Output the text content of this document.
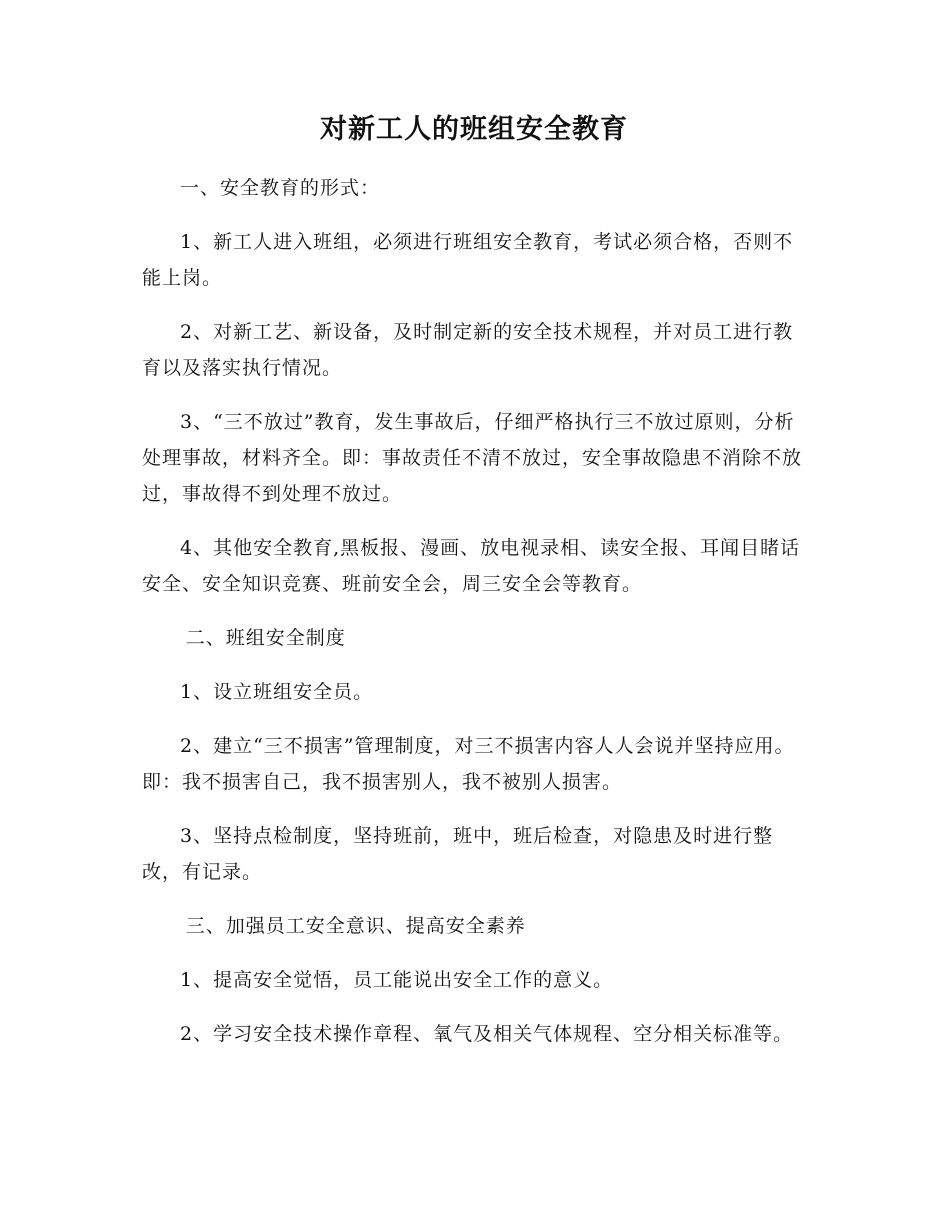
对新工人的班组安全教育

一、安全教育的形式：

1、新工人进入班组，必须进行班组安全教育，考试必须合格，否则不能上岗。

2、对新工艺、新设备，及时制定新的安全技术规程，并对员工进行教育以及落实执行情况。

3、“三不放过”教育，发生事故后，仔细严格执行三不放过原则，分析处理事故，材料齐全。即：事故责任不清不放过，安全事故隐患不消除不放过，事故得不到处理不放过。

4、其他安全教育,黑板报、漫画、放电视录相、读安全报、耳闻目睹话安全、安全知识竞赛、班前安全会，周三安全会等教育。

二、班组安全制度

1、设立班组安全员。

2、建立“三不损害”管理制度，对三不损害内容人人会说并坚持应用。即：我不损害自己，我不损害别人，我不被别人损害。

3、坚持点检制度，坚持班前，班中，班后检查，对隐患及时进行整改，有记录。

三、加强员工安全意识、提高安全素养

1、提高安全觉悟，员工能说出安全工作的意义。

2、学习安全技术操作章程、氧气及相关气体规程、空分相关标准等。
